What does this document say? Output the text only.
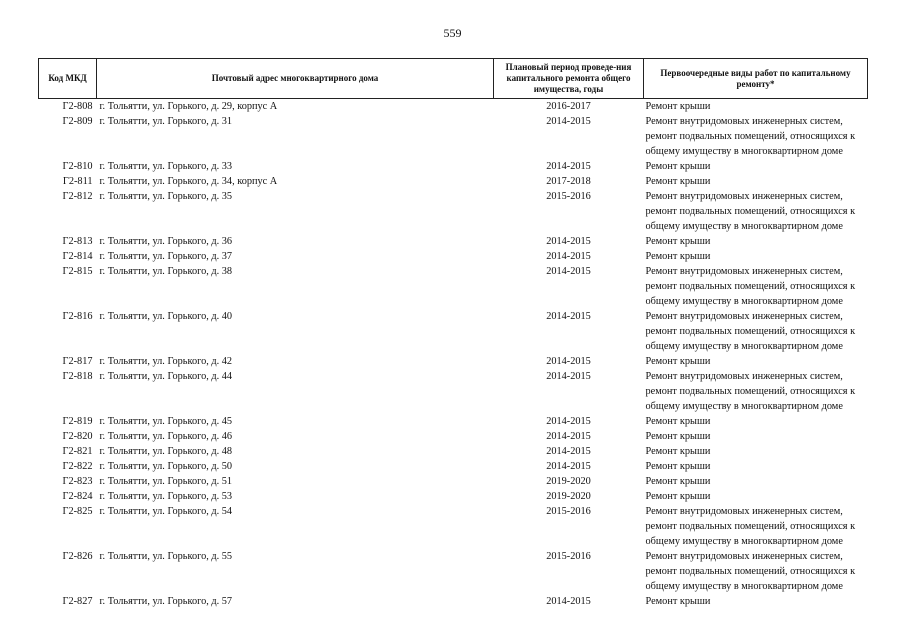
559
Код МКД	Почтовый адрес многоквартирного дома	Плановый период проведе-ния капитального ремонта общего имущества, годы	Первоочередные виды работ по капитальному ремонту*
Г2-808	г. Тольятти, ул. Горького, д. 29, корпус А	2016-2017	Ремонт крыши

Г2-809	г. Тольятти, ул. Горького, д. 31	2014-2015	Ремонт внутридомовых инженерных систем,
ремонт подвальных помещений, относящихся к
общему имуществу в многоквартирном доме

Г2-810	г. Тольятти, ул. Горького, д. 33	2014-2015	Ремонт крыши

Г2-811	г. Тольятти, ул. Горького, д. 34, корпус А	2017-2018	Ремонт крыши

Г2-812	г. Тольятти, ул. Горького, д. 35	2015-2016	Ремонт внутридомовых инженерных систем,
ремонт подвальных помещений, относящихся к
общему имуществу в многоквартирном доме

Г2-813	г. Тольятти, ул. Горького, д. 36	2014-2015	Ремонт крыши

Г2-814	г. Тольятти, ул. Горького, д. 37	2014-2015	Ремонт крыши

Г2-815	г. Тольятти, ул. Горького, д. 38	2014-2015	Ремонт внутридомовых инженерных систем,
ремонт подвальных помещений, относящихся к
общему имуществу в многоквартирном доме

Г2-816	г. Тольятти, ул. Горького, д. 40	2014-2015	Ремонт внутридомовых инженерных систем,
ремонт подвальных помещений, относящихся к
общему имуществу в многоквартирном доме

Г2-817	г. Тольятти, ул. Горького, д. 42	2014-2015	Ремонт крыши

Г2-818	г. Тольятти, ул. Горького, д. 44	2014-2015	Ремонт внутридомовых инженерных систем,
ремонт подвальных помещений, относящихся к
общему имуществу в многоквартирном доме

Г2-819	г. Тольятти, ул. Горького, д. 45	2014-2015	Ремонт крыши

Г2-820	г. Тольятти, ул. Горького, д. 46	2014-2015	Ремонт крыши

Г2-821	г. Тольятти, ул. Горького, д. 48	2014-2015	Ремонт крыши

Г2-822	г. Тольятти, ул. Горького, д. 50	2014-2015	Ремонт крыши

Г2-823	г. Тольятти, ул. Горького, д. 51	2019-2020	Ремонт крыши

Г2-824	г. Тольятти, ул. Горького, д. 53	2019-2020	Ремонт крыши

Г2-825	г. Тольятти, ул. Горького, д. 54	2015-2016	Ремонт внутридомовых инженерных систем,
ремонт подвальных помещений, относящихся к
общему имуществу в многоквартирном доме

Г2-826	г. Тольятти, ул. Горького, д. 55	2015-2016	Ремонт внутридомовых инженерных систем,
ремонт подвальных помещений, относящихся к
общему имуществу в многоквартирном доме

Г2-827	г. Тольятти, ул. Горького, д. 57	2014-2015	Ремонт крыши
